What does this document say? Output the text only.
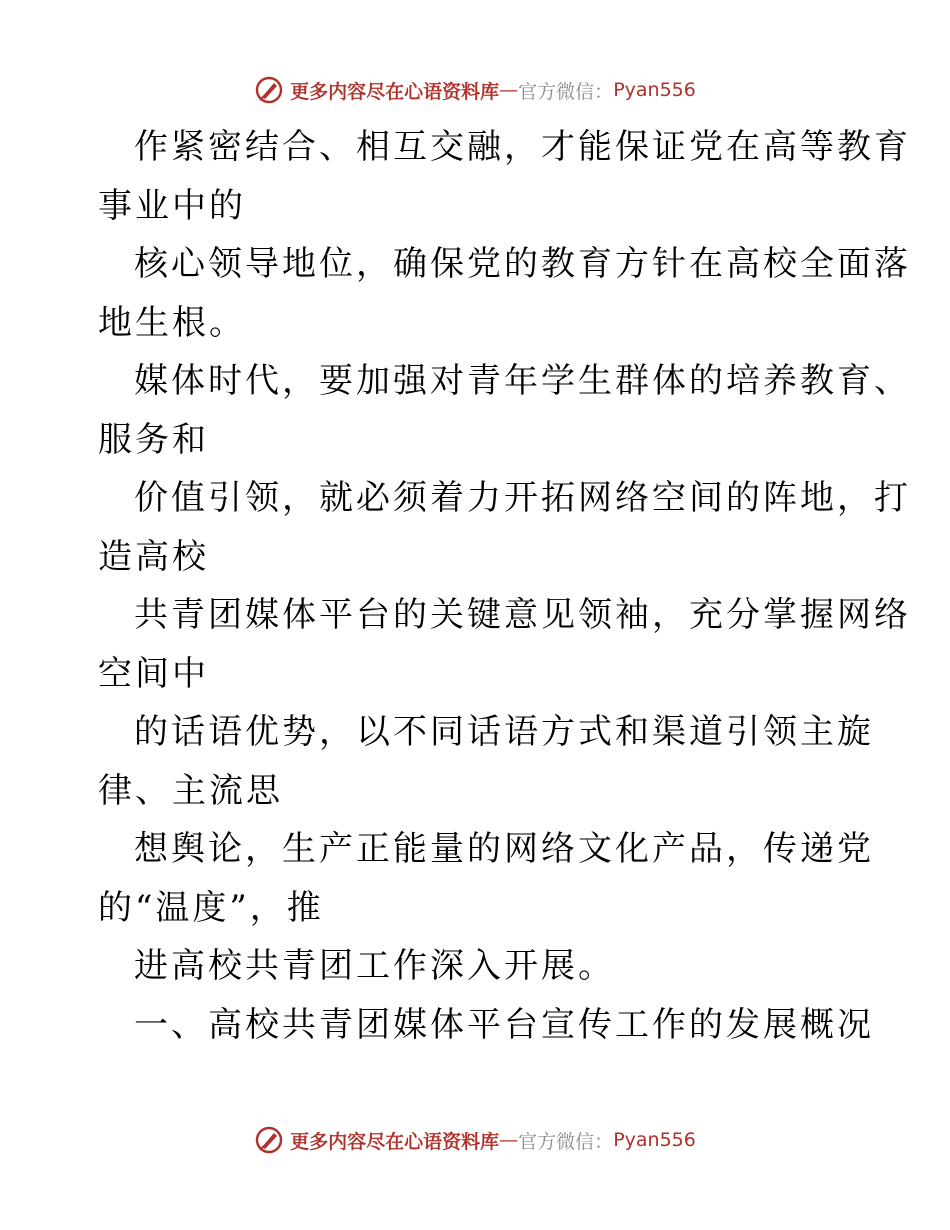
更多内容尽在心语资料库 — 官方微信： Pyan556
作紧密结合、相互交融，才能保证党在高等教育
事业中的
核心领导地位，确保党的教育方针在高校全面落
地生根。
媒体时代，要加强对青年学生群体的培养教育、
服务和
价值引领，就必须着力开拓网络空间的阵地，打
造高校
共青团媒体平台的关键意见领袖，充分掌握网络
空间中
的话语优势，以不同话语方式和渠道引领主旋
律、主流思
想舆论，生产正能量的网络文化产品，传递党
的“温度”，推
进高校共青团工作深入开展。
一、高校共青团媒体平台宣传工作的发展概况
更多内容尽在心语资料库 — 官方微信： Pyan556
